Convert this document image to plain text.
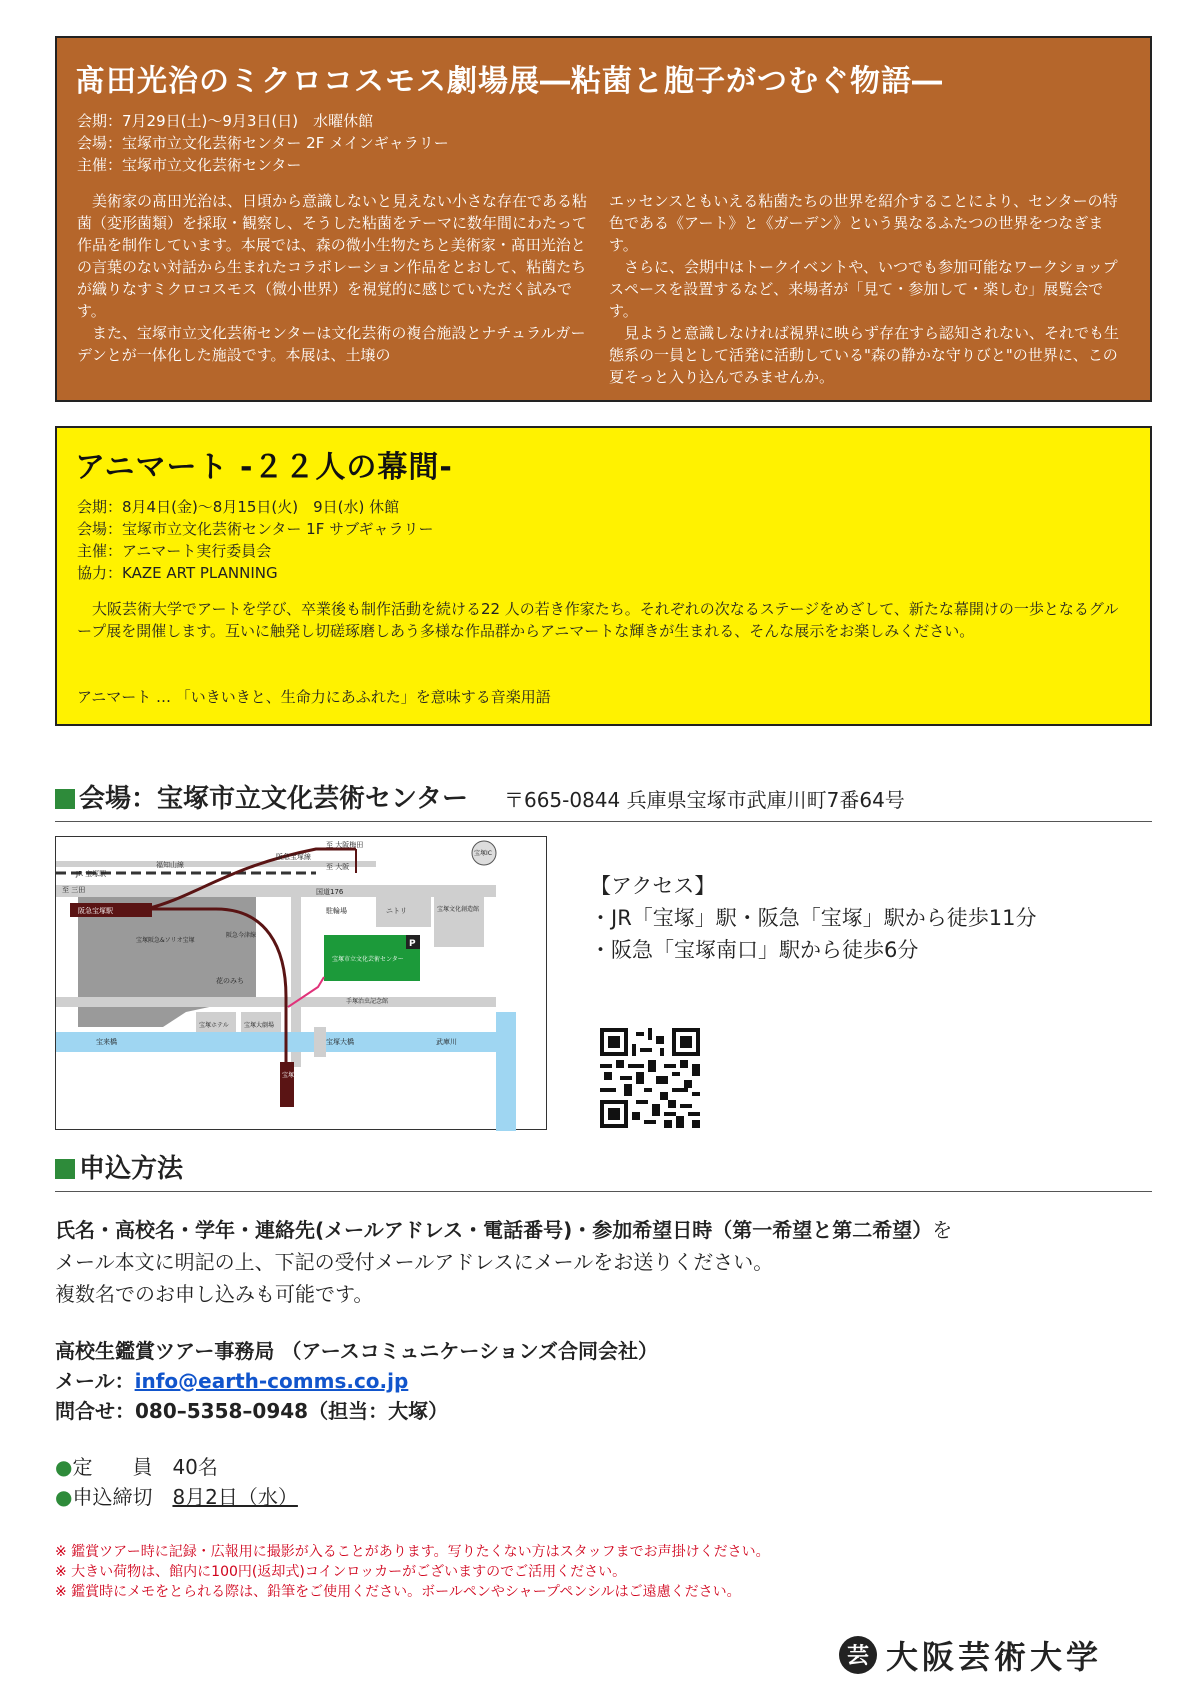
髙田光治のミクロコスモス劇場展―粘菌と胞子がつむぐ物語―
会期：7月29日(土)～9月3日(日)　水曜休館
会場：宝塚市立文化芸術センター 2F メインギャラリー
主催：宝塚市立文化芸術センター
　美術家の髙田光治は、日頃から意識しないと見えない小さな存在である粘菌（変形菌類）を採取・観察し、そうした粘菌をテーマに数年間にわたって作品を制作しています。本展では、森の微小生物たちと美術家・髙田光治との言葉のない対話から生まれたコラボレーション作品をとおして、粘菌たちが織りなすミクロコスモス（微小世界）を視覚的に感じていただく試みです。
　また、宝塚市立文化芸術センターは文化芸術の複合施設とナチュラルガーデンとが一体化した施設です。本展は、土壌の
エッセンスともいえる粘菌たちの世界を紹介することにより、センターの特色である《アート》と《ガーデン》という異なるふたつの世界をつなぎます。
　さらに、会期中はトークイベントや、いつでも参加可能なワークショップスペースを設置するなど、来場者が「見て・参加して・楽しむ」展覧会です。
　見ようと意識しなければ視界に映らず存在すら認知されない、それでも生態系の一員として活発に活動している"森の静かな守りびと"の世界に、この夏そっと入り込んでみませんか。
アニマート -２２人の幕間-
会期：8月4日(金)～8月15日(火)　9日(水) 休館
会場：宝塚市立文化芸術センター 1F サブギャラリー
主催：アニマート実行委員会
協力：KAZE ART PLANNING
　大阪芸術大学でアートを学び、卒業後も制作活動を続ける22 人の若き作家たち。それぞれの次なるステージをめざして、新たな幕開けの一歩となるグループ展を開催します。互いに触発し切磋琢磨しあう多様な作品群からアニマートな輝きが生まれる、そんな展示をお楽しみください。
アニマート … 「いきいきと、生命力にあふれた」を意味する音楽用語
会場：宝塚市立文化芸術センター 〒665-0844 兵庫県宝塚市武庫川町7番64号
至 大阪梅田
阪急宝塚線
福知山線	至 大阪
JR 宝塚駅
至 三田	国道176
宝塚IC
阪急宝塚駅	駐輪場	ニトリ	宝塚文化創造館
宝塚阪急&ソリオ宝塚
阪急今津線
宝塚市立文化芸術センター
P
花のみち
宝塚ホテル	宝塚大劇場
手塚治虫記念館
宝来橋	宝塚大橋	武庫川
宝塚南口
【アクセス】
・JR「宝塚」駅・阪急「宝塚」駅から徒歩11分
・阪急「宝塚南口」駅から徒歩6分
申込方法
氏名・高校名・学年・連絡先(メールアドレス・電話番号)・参加希望日時（第一希望と第二希望）を
メール本文に明記の上、下記の受付メールアドレスにメールをお送りください。
複数名でのお申し込みも可能です。
高校生鑑賞ツアー事務局 （アースコミュニケーションズ合同会社）
メール：info@earth-comms.co.jp
問合せ：080–5358–0948（担当：大塚）
●定　　員　 40名
●申込締切　 8月2日（水）
※ 鑑賞ツアー時に記録・広報用に撮影が入ることがあります。写りたくない方はスタッフまでお声掛けください。
※ 大きい荷物は、館内に100円(返却式)コインロッカーがございますのでご活用ください。
※ 鑑賞時にメモをとられる際は、鉛筆をご使用ください。ボールペンやシャープペンシルはご遠慮ください。
芸 大阪芸術大学
